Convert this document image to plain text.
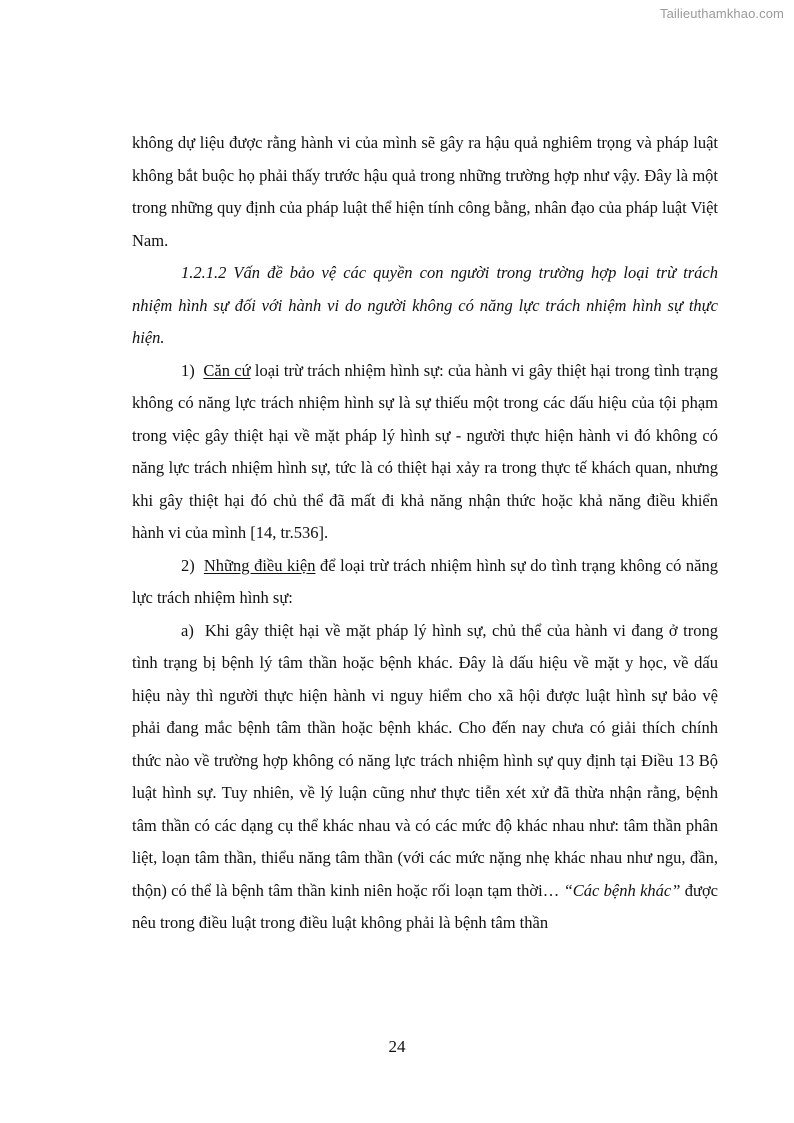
Tailieuthamkhao.com

không dự liệu được rằng hành vi của mình sẽ gây ra hậu quả nghiêm trọng và pháp luật không bắt buộc họ phải thấy trước hậu quả trong những trường hợp như vậy. Đây là một trong những quy định của pháp luật thể hiện tính công bằng, nhân đạo của pháp luật Việt Nam.

1.2.1.2 Vấn đề bảo vệ các quyền con người trong trường hợp loại trừ trách nhiệm hình sự đối với hành vi do người không có năng lực trách nhiệm hình sự thực hiện.

1) Căn cứ loại trừ trách nhiệm hình sự: của hành vi gây thiệt hại trong tình trạng không có năng lực trách nhiệm hình sự là sự thiếu một trong các dấu hiệu của tội phạm trong việc gây thiệt hại về mặt pháp lý hình sự - người thực hiện hành vi đó không có năng lực trách nhiệm hình sự, tức là có thiệt hại xảy ra trong thực tế khách quan, nhưng khi gây thiệt hại đó chủ thể đã mất đi khả năng nhận thức hoặc khả năng điều khiển hành vi của mình [14, tr.536].

2) Những điều kiện để loại trừ trách nhiệm hình sự do tình trạng không có năng lực trách nhiệm hình sự:

a) Khi gây thiệt hại về mặt pháp lý hình sự, chủ thể của hành vi đang ở trong tình trạng bị bệnh lý tâm thần hoặc bệnh khác. Đây là dấu hiệu về mặt y học, về dấu hiệu này thì người thực hiện hành vi nguy hiểm cho xã hội được luật hình sự bảo vệ phải đang mắc bệnh tâm thần hoặc bệnh khác. Cho đến nay chưa có giải thích chính thức nào về trường hợp không có năng lực trách nhiệm hình sự quy định tại Điều 13 Bộ luật hình sự. Tuy nhiên, về lý luận cũng như thực tiễn xét xử đã thừa nhận rằng, bệnh tâm thần có các dạng cụ thể khác nhau và có các mức độ khác nhau như: tâm thần phân liệt, loạn tâm thần, thiểu năng tâm thần (với các mức nặng nhẹ khác nhau như ngu, đần, thộn) có thể là bệnh tâm thần kinh niên hoặc rối loạn tạm thời… “Các bệnh khác” được nêu trong điều luật trong điều luật không phải là bệnh tâm thần

24
